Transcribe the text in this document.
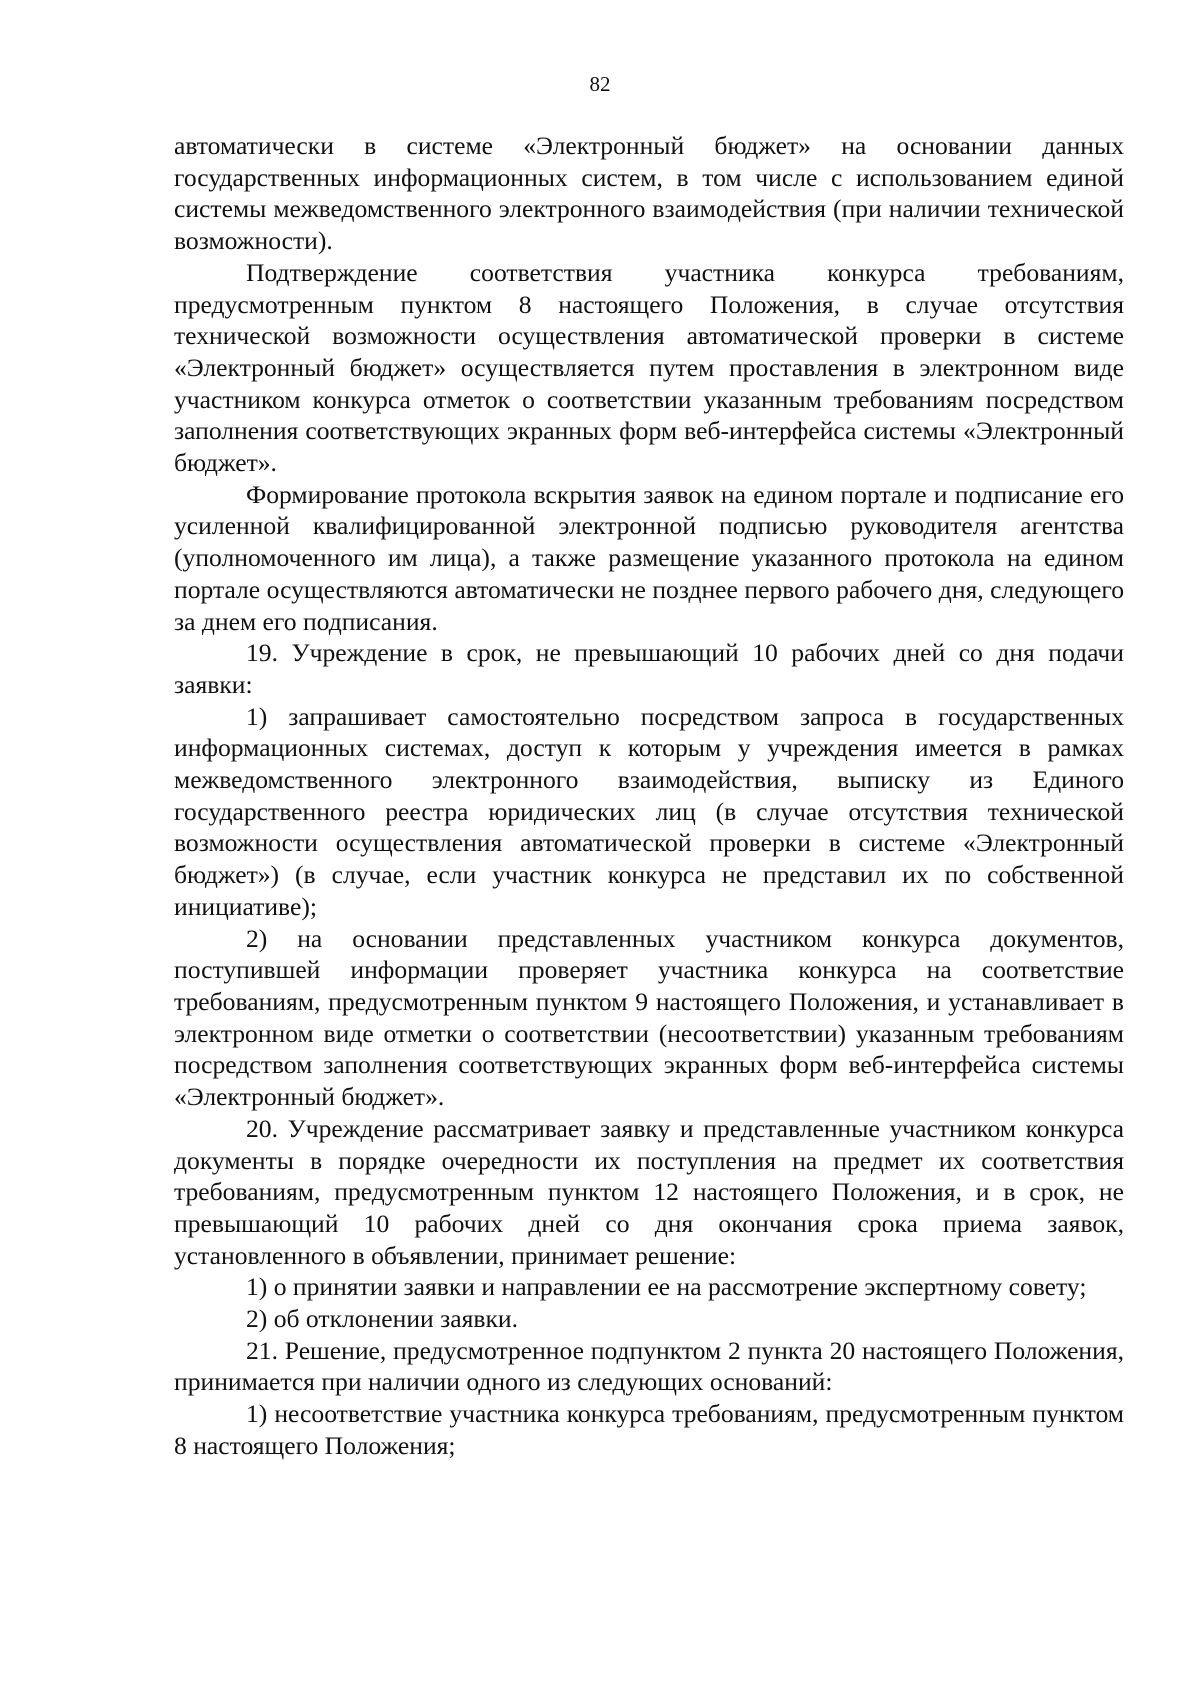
82

автоматически в системе «Электронный бюджет» на основании данных государственных информационных систем, в том числе с использованием единой системы межведомственного электронного взаимодействия (при наличии технической возможности).

Подтверждение соответствия участника конкурса требованиям, предусмотренным пунктом 8 настоящего Положения, в случае отсутствия технической возможности осуществления автоматической проверки в системе «Электронный бюджет» осуществляется путем проставления в электронном виде участником конкурса отметок о соответствии указанным требованиям посредством заполнения соответствующих экранных форм веб-интерфейса системы «Электронный бюджет».

Формирование протокола вскрытия заявок на едином портале и подписание его усиленной квалифицированной электронной подписью руководителя агентства (уполномоченного им лица), а также размещение указанного протокола на едином портале осуществляются автоматически не позднее первого рабочего дня, следующего за днем его подписания.

19. Учреждение в срок, не превышающий 10 рабочих дней со дня подачи заявки:

1) запрашивает самостоятельно посредством запроса в государственных информационных системах, доступ к которым у учреждения имеется в рамках межведомственного электронного взаимодействия, выписку из Единого государственного реестра юридических лиц (в случае отсутствия технической возможности осуществления автоматической проверки в системе «Электронный бюджет») (в случае, если участник конкурса не представил их по собственной инициативе);

2) на основании представленных участником конкурса документов, поступившей информации проверяет участника конкурса на соответствие требованиям, предусмотренным пунктом 9 настоящего Положения, и устанавливает в электронном виде отметки о соответствии (несоответствии) указанным требованиям посредством заполнения соответствующих экранных форм веб-интерфейса системы «Электронный бюджет».

20. Учреждение рассматривает заявку и представленные участником конкурса документы в порядке очередности их поступления на предмет их соответствия требованиям, предусмотренным пунктом 12 настоящего Положения, и в срок, не превышающий 10 рабочих дней со дня окончания срока приема заявок, установленного в объявлении, принимает решение:

1) о принятии заявки и направлении ее на рассмотрение экспертному совету;

2) об отклонении заявки.

21. Решение, предусмотренное подпунктом 2 пункта 20 настоящего Положения, принимается при наличии одного из следующих оснований:

1) несоответствие участника конкурса требованиям, предусмотренным пунктом 8 настоящего Положения;
